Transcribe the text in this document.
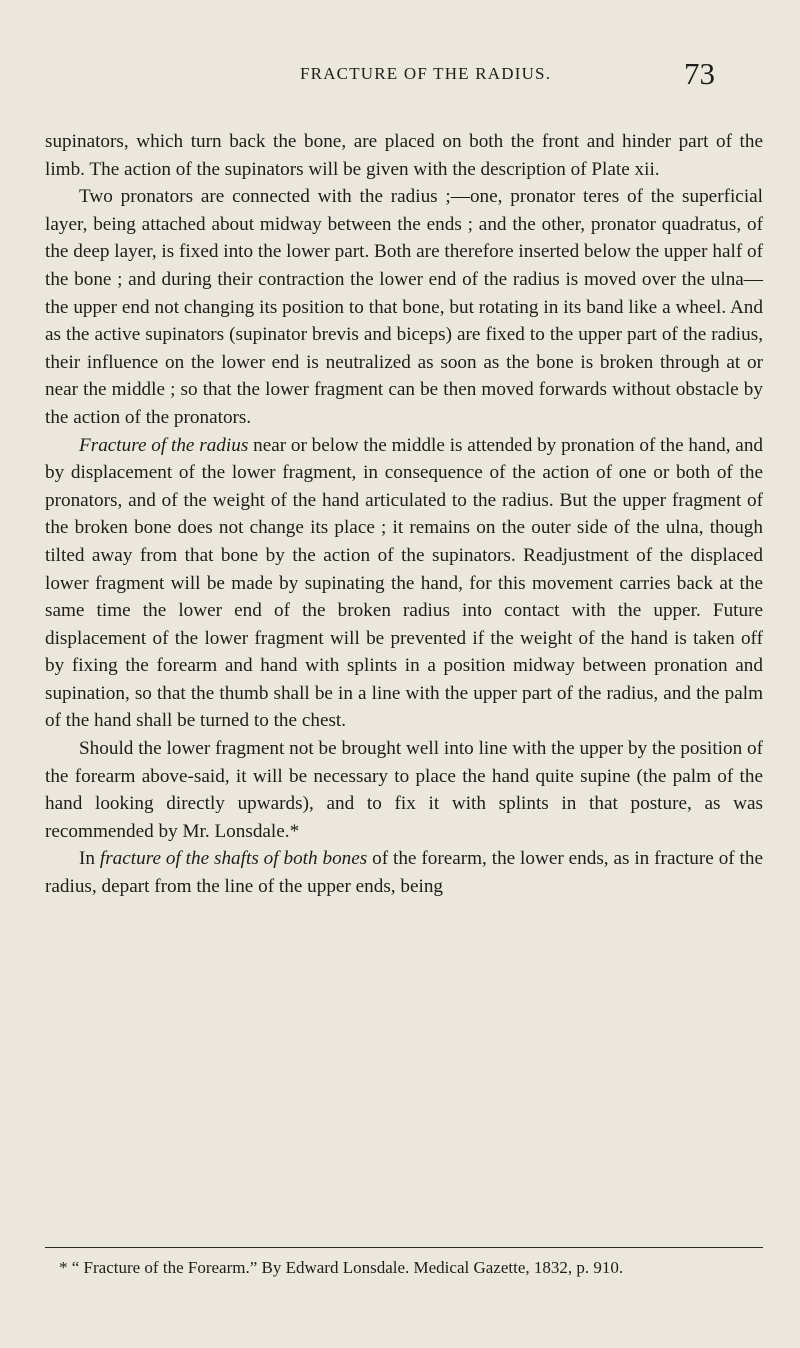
FRACTURE OF THE RADIUS.	73

supinators, which turn back the bone, are placed on both the front and hinder part of the limb. The action of the supinators will be given with the description of Plate xii.

Two pronators are connected with the radius ;—one, pronator teres of the superficial layer, being attached about midway between the ends ; and the other, pronator quadratus, of the deep layer, is fixed into the lower part. Both are therefore inserted below the upper half of the bone ; and during their contraction the lower end of the radius is moved over the ulna—the upper end not changing its position to that bone, but rotating in its band like a wheel. And as the active supinators (supinator brevis and biceps) are fixed to the upper part of the radius, their influence on the lower end is neutralized as soon as the bone is broken through at or near the middle ; so that the lower fragment can be then moved forwards without obstacle by the action of the pronators.

Fracture of the radius near or below the middle is attended by pronation of the hand, and by displacement of the lower fragment, in consequence of the action of one or both of the pronators, and of the weight of the hand articulated to the radius. But the upper fragment of the broken bone does not change its place ; it remains on the outer side of the ulna, though tilted away from that bone by the action of the supinators. Readjustment of the displaced lower fragment will be made by supinating the hand, for this movement carries back at the same time the lower end of the broken radius into contact with the upper. Future displacement of the lower fragment will be prevented if the weight of the hand is taken off by fixing the forearm and hand with splints in a position midway between pronation and supination, so that the thumb shall be in a line with the upper part of the radius, and the palm of the hand shall be turned to the chest.

Should the lower fragment not be brought well into line with the upper by the position of the forearm above-said, it will be necessary to place the hand quite supine (the palm of the hand looking directly upwards), and to fix it with splints in that posture, as was recommended by Mr. Lonsdale.*

In fracture of the shafts of both bones of the forearm, the lower ends, as in fracture of the radius, depart from the line of the upper ends, being

* “ Fracture of the Forearm.” By Edward Lonsdale. Medical Gazette, 1832, p. 910.
